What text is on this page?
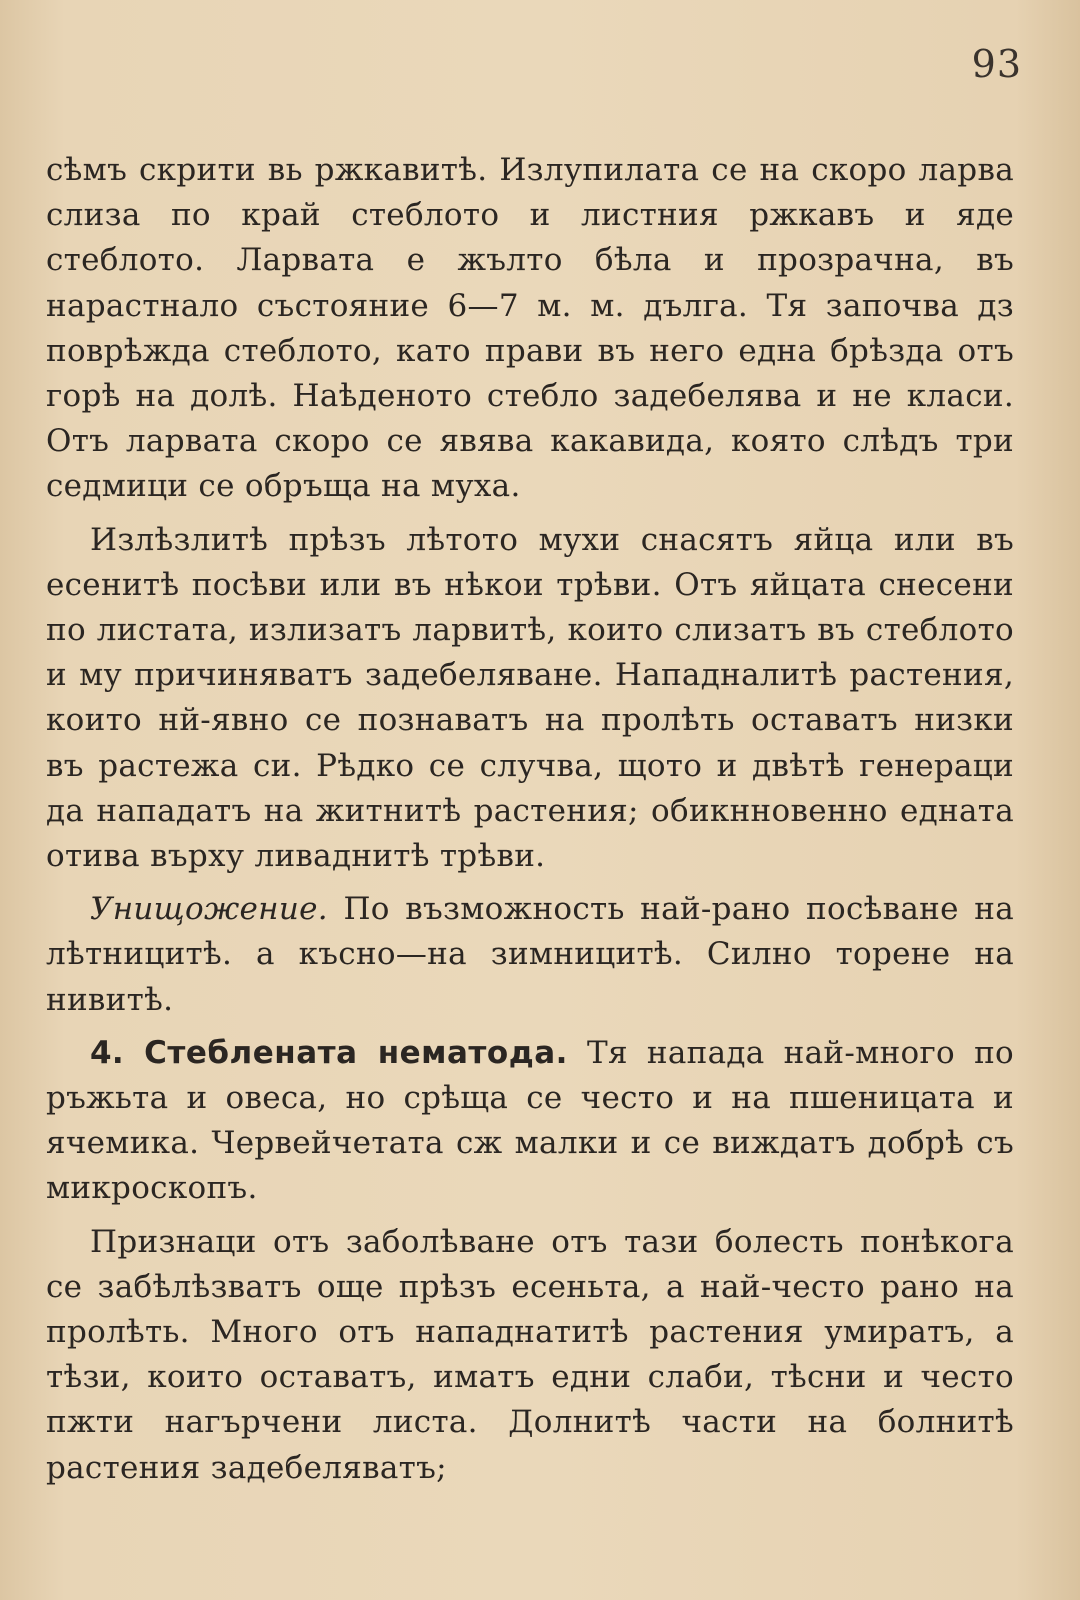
93

сѣмъ скрити вь ржкавитѣ. Излупилата се на скоро ларва слиза по край стеблото и листния ржкавъ и яде стеблото. Ларвата е жълто бѣла и прозрачна, въ нарастнало състояние 6—7 м. м. дълга. Тя започва дз поврѣжда стеблото, като прави въ него една брѣзда отъ горѣ на долѣ. Наѣденото стебло задебелява и не класи. Отъ ларвата скоро се явява какавида, която слѣдъ три седмици се обръща на муха.

Излѣзлитѣ прѣзъ лѣтото мухи снасятъ яйца или въ есенитѣ посѣви или въ нѣкои трѣви. Отъ яйцата снесени по листата, излизатъ ларвитѣ, които слизатъ въ стеблото и му причиняватъ задебеляване. Нападналитѣ растения, които нй-явно се познаватъ на пролѣть оставатъ низки въ растежа си. Рѣдко се случва, щото и двѣтѣ генераци да нападатъ на житнитѣ растения; обикнновенно едната отива върху ливаднитѣ трѣви.

Унищожение. По възможность най-рано посѣване на лѣтницитѣ. а късно—на зимницитѣ. Силно торене на нивитѣ.

4. Стеблената нематода. Тя напада най-много по ръжьта и овеса, но срѣща се често и на пшеницата и ячемика. Червейчетата сж малки и се виждатъ добрѣ съ микроскопъ.

Признаци отъ заболѣване отъ тази болесть понѣкога се забѣлѣзватъ още прѣзъ есеньта, а най-често рано на пролѣть. Много отъ нападнатитѣ растения умиратъ, а тѣзи, които оставатъ, иматъ едни слаби, тѣсни и често пжти нагърчени листа. Долнитѣ части на болнитѣ растения задебеляватъ;
